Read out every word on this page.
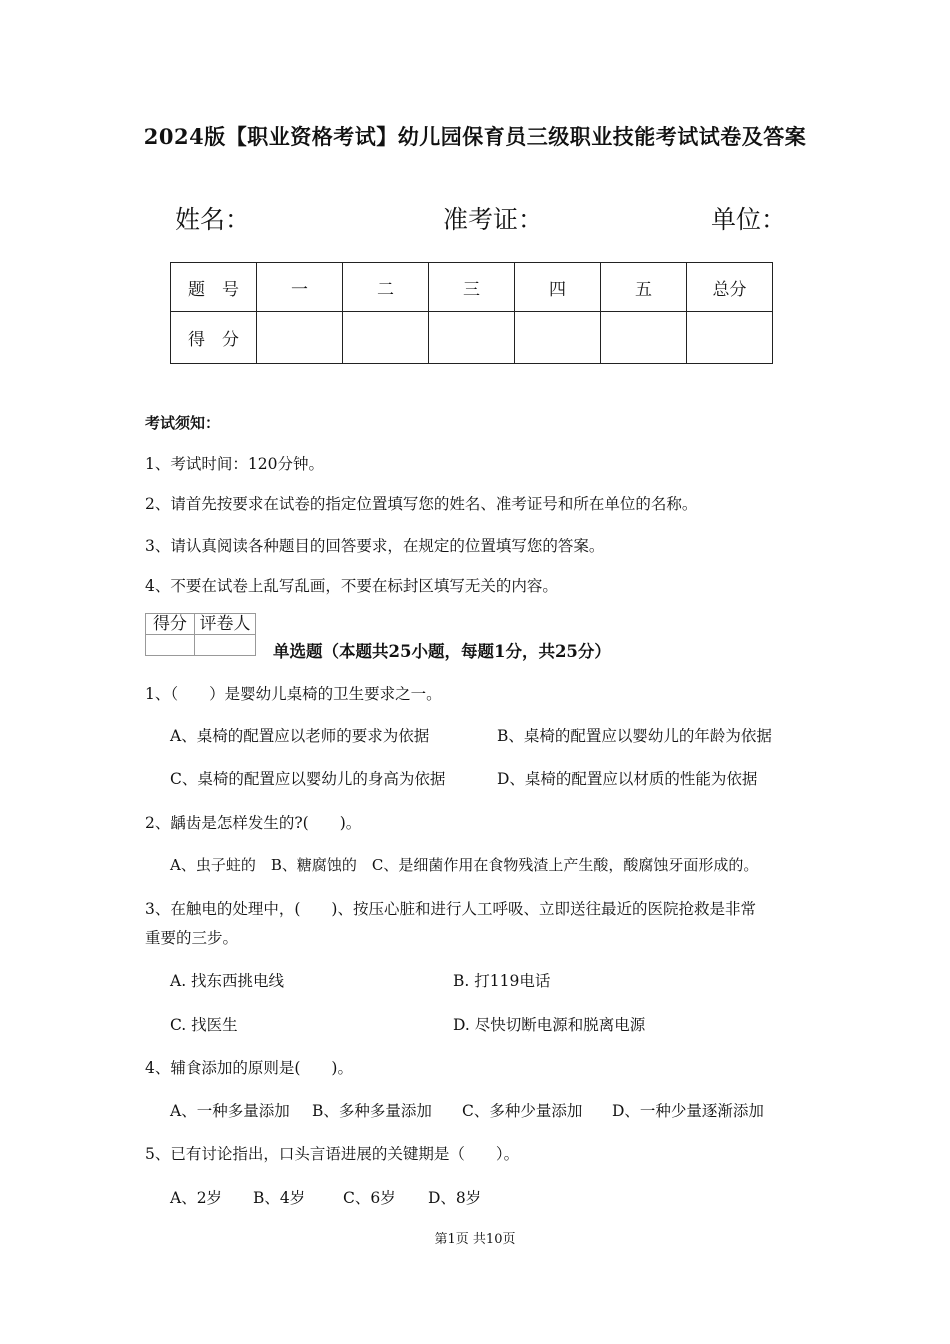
2024版【职业资格考试】幼儿园保育员三级职业技能考试试卷及答案
姓名：	准考证：	单位：
题　号	一	二	三	四	五	总分
得　分						
考试须知：
1、考试时间：120分钟。
2、请首先按要求在试卷的指定位置填写您的姓名、准考证号和所在单位的名称。
3、请认真阅读各种题目的回答要求，在规定的位置填写您的答案。
4、不要在试卷上乱写乱画，不要在标封区填写无关的内容。
得分	评卷人

单选题（本题共25小题，每题1分，共25分）
1、（　　）是婴幼儿桌椅的卫生要求之一。
A、桌椅的配置应以老师的要求为依据	B、桌椅的配置应以婴幼儿的年龄为依据
C、桌椅的配置应以婴幼儿的身高为依据	D、桌椅的配置应以材质的性能为依据
2、龋齿是怎样发生的?(　　)。
A、虫子蛀的　B、糖腐蚀的　C、是细菌作用在食物残渣上产生酸，酸腐蚀牙面形成的。
3、在触电的处理中，(　　)、按压心脏和进行人工呼吸、立即送往最近的医院抢救是非常
重要的三步。
A. 找东西挑电线	B. 打119电话
C. 找医生	D. 尽快切断电源和脱离电源
4、辅食添加的原则是(　　)。
A、一种多量添加 B、多种多量添加 C、多种少量添加 D、一种少量逐渐添加
5、已有讨论指出，口头言语进展的关键期是（　　）。
A、2岁 B、4岁 C、6岁 D、8岁
第1页 共10页
